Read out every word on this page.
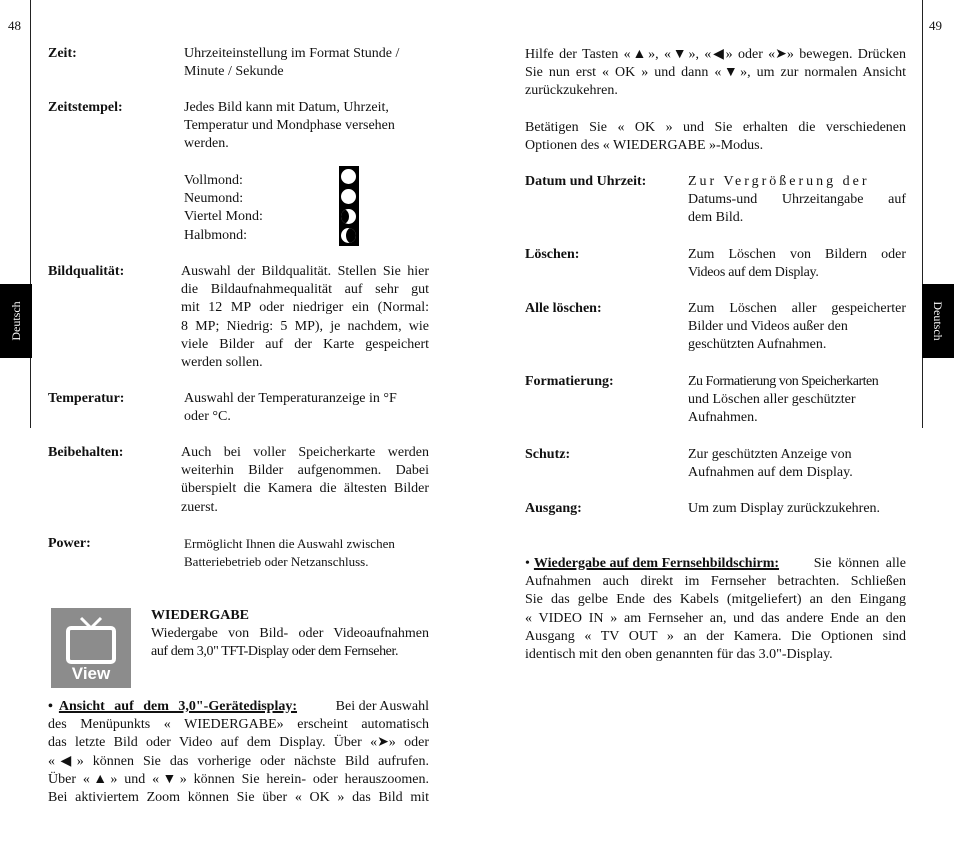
48	49
Deutsch	Deutsch
Zeit:	Uhrzeiteinstellung im Format Stunde /
Minute / Sekunde
Zeitstempel:	Jedes Bild kann mit Datum, Uhrzeit,
Temperatur und Mondphase versehen
werden.
Vollmond:
Neumond:
Viertel Mond:
Halbmond:
Bildqualität:	Auswahl der Bildqualität. Stellen Sie hier
die Bildaufnahmequalität auf sehr gut
mit 12 MP oder niedriger ein (Normal:
8 MP; Niedrig: 5 MP), je nachdem, wie
viele Bilder auf der Karte gespeichert
werden sollen.
Temperatur:	Auswahl der Temperaturanzeige in °F
oder °C.
Beibehalten:	Auch bei voller Speicherkarte werden
weiterhin Bilder aufgenommen. Dabei
überspielt die Kamera die ältesten Bilder
zuerst.
Power:	Ermöglicht Ihnen die Auswahl zwischen
Batteriebetrieb oder Netzanschluss.
View
WIEDERGABE
Wiedergabe von Bild- oder Videoaufnahmen
auf dem 3,0" TFT-Display oder dem Fernseher.
• Ansicht auf dem 3,0"-Gerätedisplay:	Bei der Auswahl
des Menüpunkts « WIEDERGABE» erscheint automatisch
das letzte Bild oder Video auf dem Display. Über «➤» oder
«◀» können Sie das vorherige oder nächste Bild aufrufen.
Über «▲» und «▼» können Sie herein- oder herauszoomen.
Bei aktiviertem Zoom können Sie über « OK » das Bild mit
Hilfe der Tasten «▲», «▼», «◀» oder «➤» bewegen. Drücken
Sie nun erst « OK » und dann «▼», um zur normalen Ansicht
zurückzukehren.
Betätigen Sie « OK » und Sie erhalten die verschiedenen
Optionen des « WIEDERGABE »-Modus.
Datum und Uhrzeit:	Zur Vergrößerung der
Datums-und Uhrzeitangabe auf
dem Bild.
Löschen:	Zum Löschen von Bildern oder
Videos auf dem Display.
Alle löschen:	Zum Löschen aller gespeicherter
Bilder und Videos außer den
geschützten Aufnahmen.
Formatierung:	Zu Formatierung von Speicherkarten
und Löschen aller geschützter
Aufnahmen.
Schutz:	Zur geschützten Anzeige von
Aufnahmen auf dem Display.
Ausgang:	Um zum Display zurückzukehren.
• Wiedergabe auf dem Fernsehbildschirm:	Sie können alle
Aufnahmen auch direkt im Fernseher betrachten. Schließen
Sie das gelbe Ende des Kabels (mitgeliefert) an den Eingang
« VIDEO IN » am Fernseher an, und das andere Ende an den
Ausgang « TV OUT » an der Kamera. Die Optionen sind
identisch mit den oben genannten für das 3.0"-Display.
